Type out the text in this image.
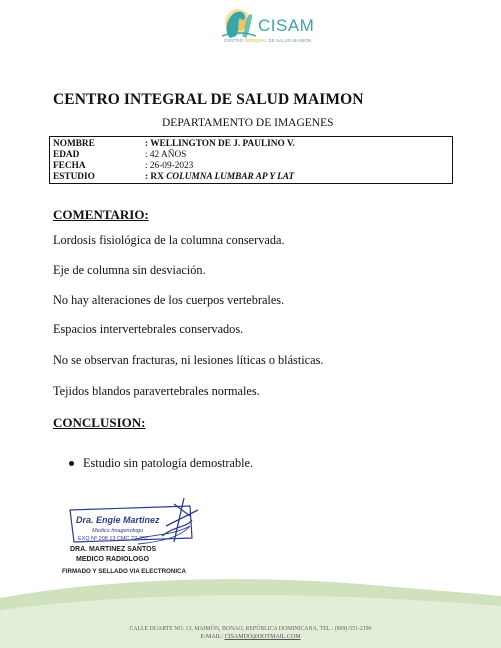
CISAM
CENTRO INTEGRAL DE SALUD MAIMON
CENTRO INTEGRAL DE SALUD MAIMON
DEPARTAMENTO DE IMAGENES
NOMBRE	: WELLINGTON DE J. PAULINO V.
EDAD	: 42 AÑOS
FECHA	: 26-09-2023
ESTUDIO	: RX COLUMNA LUMBAR AP Y LAT
COMENTARIO:
Lordosis fisiológica de la columna conservada.
Eje de columna sin desviación.
No hay alteraciones de los cuerpos vertebrales.
Espacios intervertebrales conservados.
No se observan fracturas, ni lesiones líticas o blásticas.
Tejidos blandos paravertebrales normales.
CONCLUSION:
Estudio sin patología demostrable.
Dra. Engie Martinez
Medico Imagenologo
EXQ Nº 208 13 CMC 22-357
DRA. MARTINEZ SANTOS
MEDICO RADIOLOGO
FIRMADO Y SELLADO VIA ELECTRONICA
CALLE DUARTE NO. 13, MAIMÓN, BONAO, REPÚBLICA DOMINICANA, TEL.: (809)-551-2196
E-MAIL: CISAMDO@HOTMAIL.COM
